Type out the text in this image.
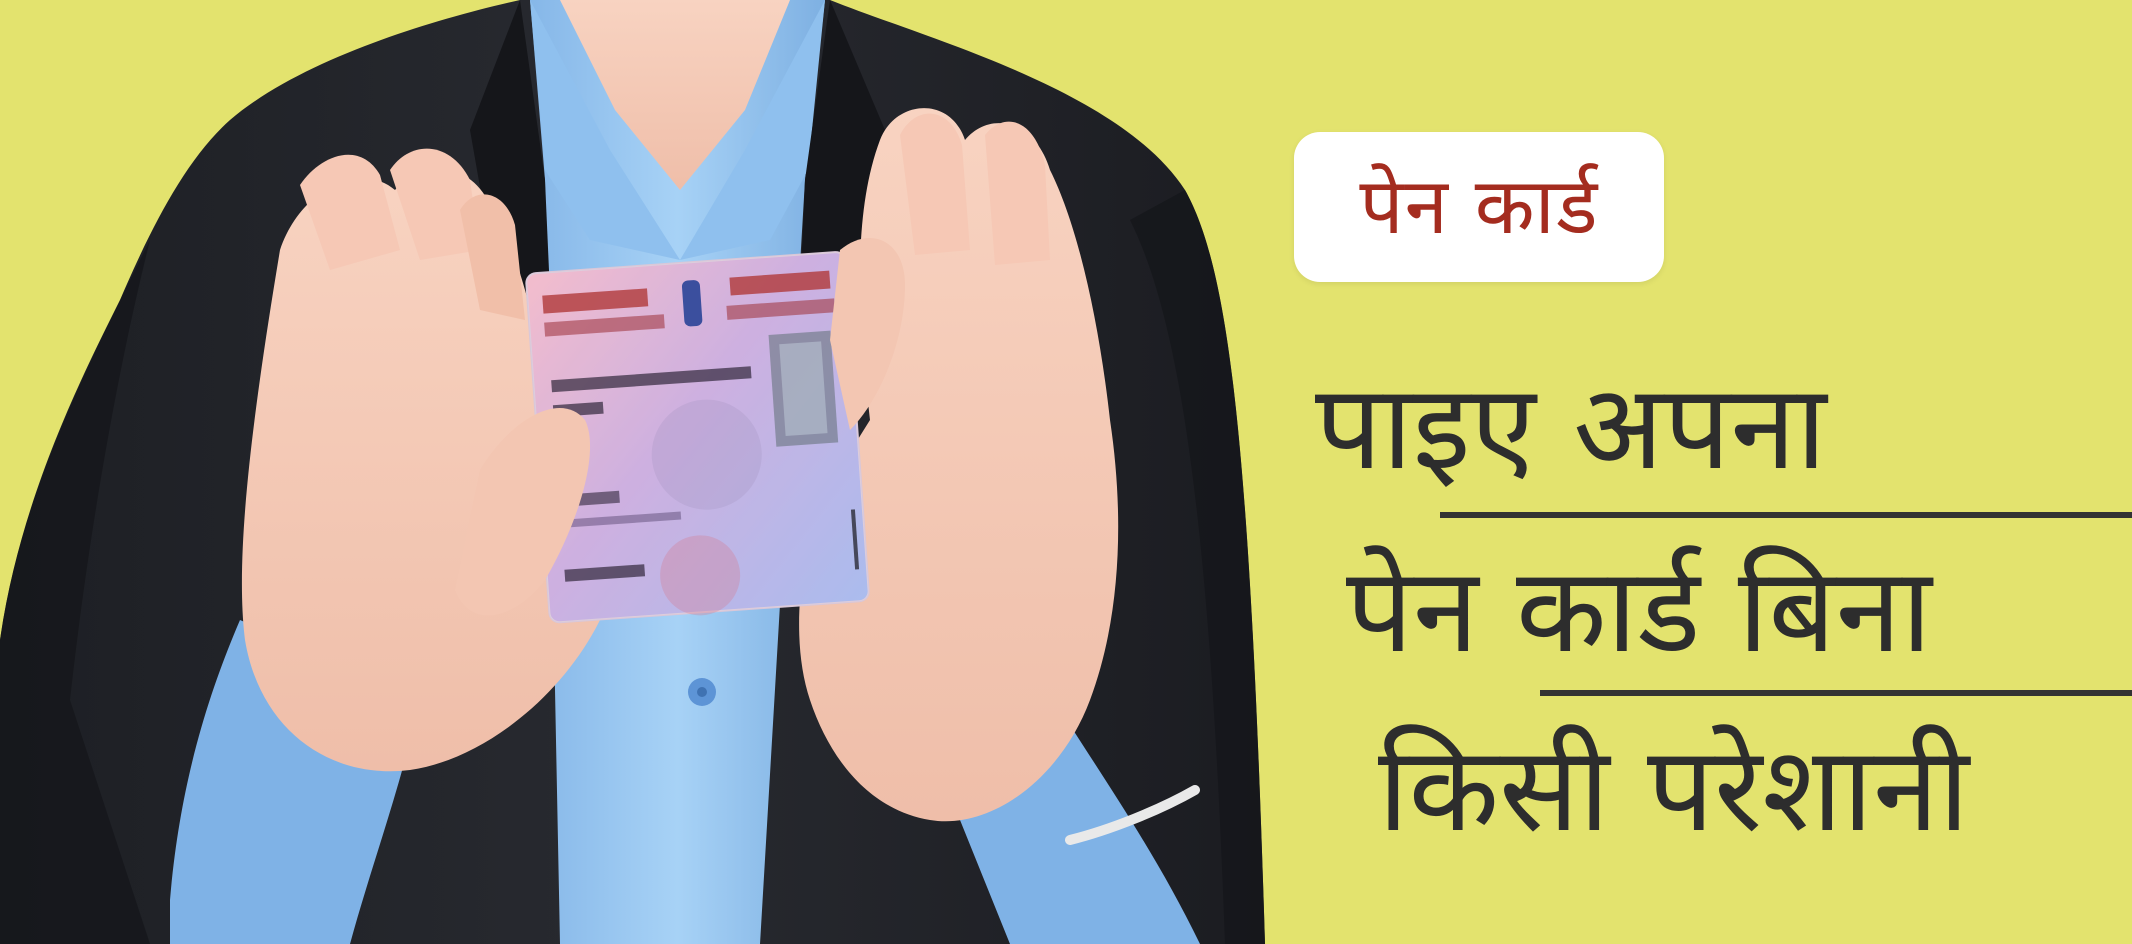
पेन कार्ड
पाइए अपना
पेन कार्ड बिना
किसी परेशानी
